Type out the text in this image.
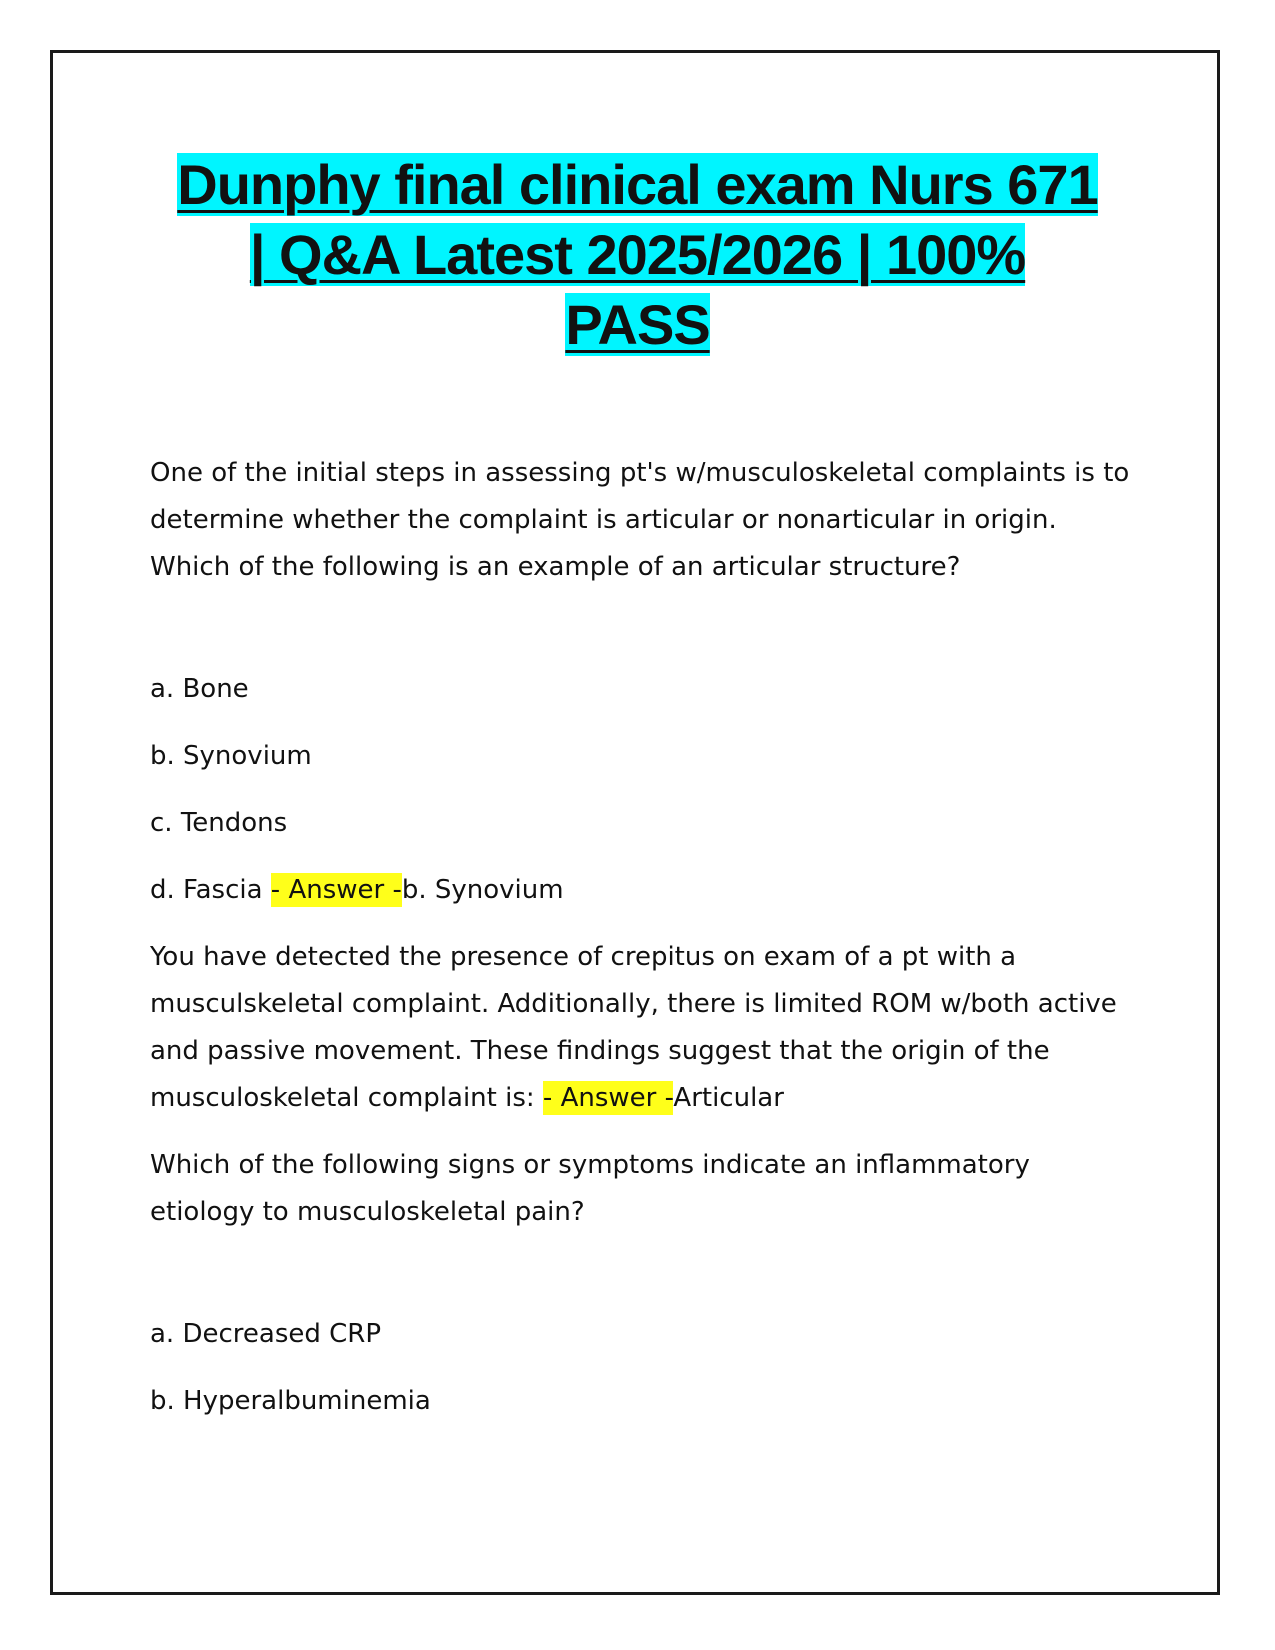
Dunphy final clinical exam Nurs 671
| Q&A Latest 2025/2026 | 100%
PASS

One of the initial steps in assessing pt's w/musculoskeletal complaints is to determine whether the complaint is articular or nonarticular in origin. Which of the following is an example of an articular structure?

a. Bone

b. Synovium

c. Tendons

d. Fascia - Answer -b. Synovium

You have detected the presence of crepitus on exam of a pt with a musculskeletal complaint. Additionally, there is limited ROM w/both active and passive movement. These findings suggest that the origin of the musculoskeletal complaint is: - Answer -Articular

Which of the following signs or symptoms indicate an inflammatory etiology to musculoskeletal pain?

a. Decreased CRP

b. Hyperalbuminemia
